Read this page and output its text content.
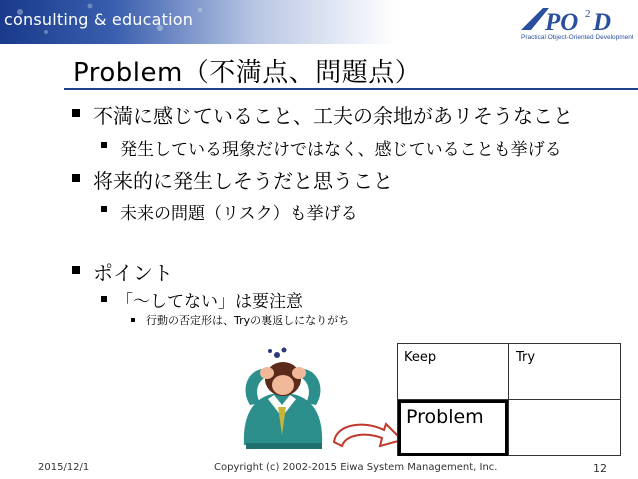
consulting & education	PO 2 D
Practical Object-Oriented Development
Problem（不満点、問題点）
不満に感じていること、工夫の余地があリそうなこと
発生している現象だけではなく、感じていることも挙げる
将来的に発生しそうだと思うこと
未来の問題（リスク）も挙げる
ポイント
「～してない」は要注意
行動の否定形は、Tryの裏返しになりがち
Keep	Try
Problem
2015/12/1	Copyright (c) 2002-2015 Eiwa System Management, Inc.	12
